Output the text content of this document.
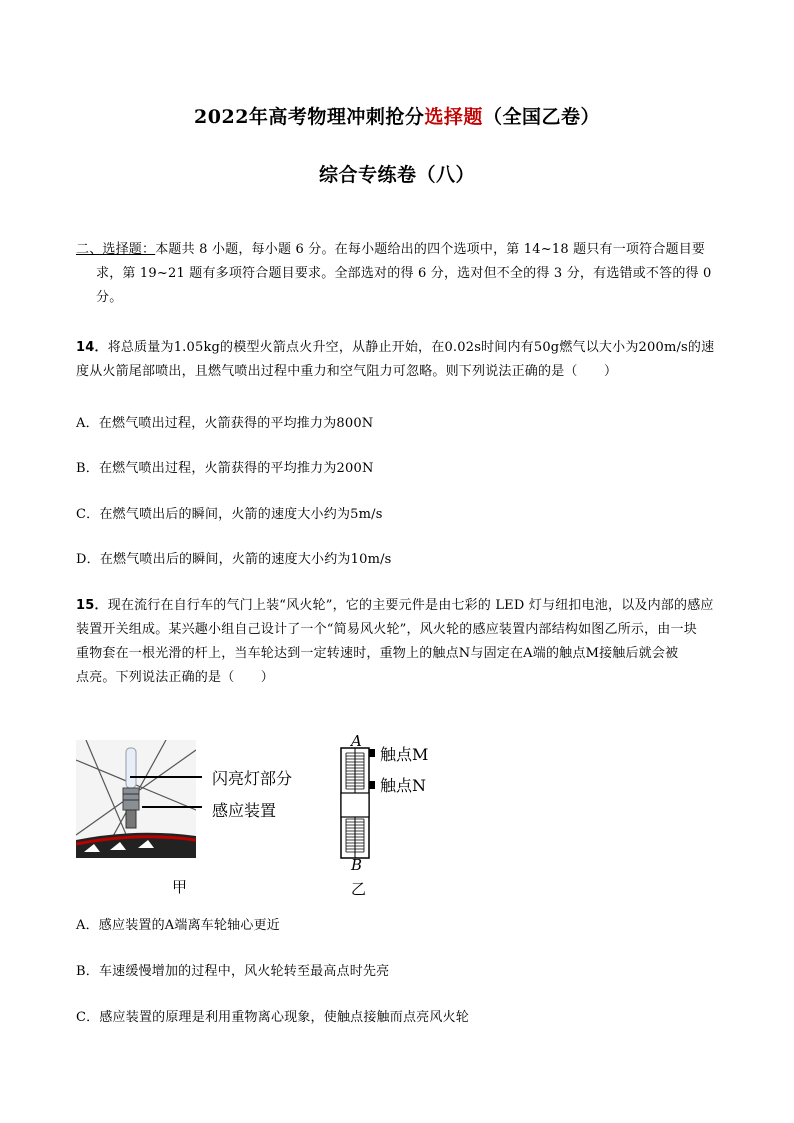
2022年高考物理冲刺抢分选择题（全国乙卷）
综合专练卷（八）
二、选择题：本题共 8 小题，每小题 6 分。在每小题给出的四个选项中，第 14~18 题只有一项符合题目要
求，第 19~21 题有多项符合题目要求。全部选对的得 6 分，选对但不全的得 3 分，有选错或不答的得 0
分。
14．将总质量为1.05kg的模型火箭点火升空，从静止开始，在0.02s时间内有50g燃气以大小为200m/s的速
度从火箭尾部喷出，且燃气喷出过程中重力和空气阻力可忽略。则下列说法正确的是（　　）
A．在燃气喷出过程，火箭获得的平均推力为800N
B．在燃气喷出过程，火箭获得的平均推力为200N
C．在燃气喷出后的瞬间，火箭的速度大小约为5m/s
D．在燃气喷出后的瞬间，火箭的速度大小约为10m/s
15．现在流行在自行车的气门上装“风火轮”，它的主要元件是由七彩的 LED 灯与纽扣电池，以及内部的感应
装置开关组成。某兴趣小组自己设计了一个“简易风火轮”，风火轮的感应装置内部结构如图乙所示，由一块
重物套在一根光滑的杆上，当车轮达到一定转速时，重物上的触点N与固定在A端的触点M接触后就会被
点亮。下列说法正确的是（　　）
闪亮灯部分
感应装置
甲
A
B
触点M
触点N
乙
A．感应装置的A端离车轮轴心更近
B．车速缓慢增加的过程中，风火轮转至最高点时先亮
C．感应装置的原理是利用重物离心现象，使触点接触而点亮风火轮
